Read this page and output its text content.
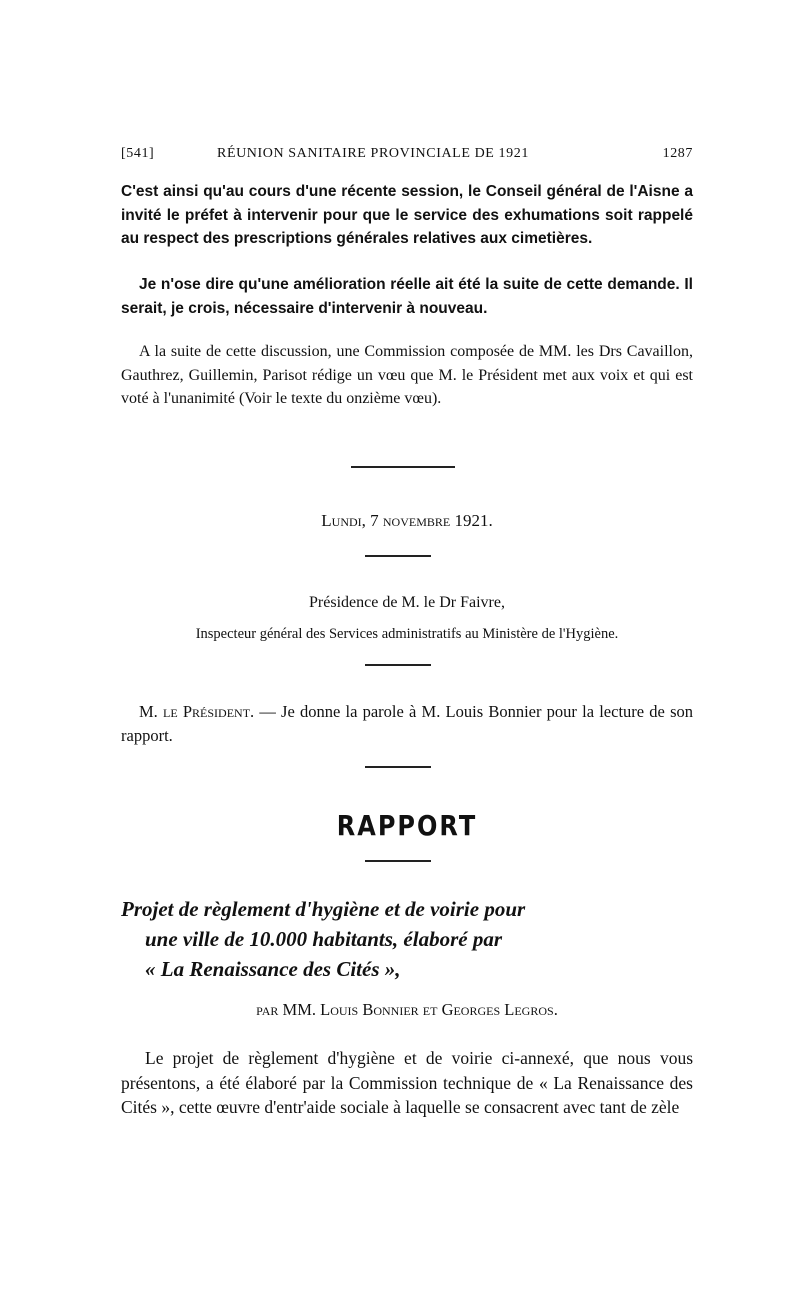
[541]	RÉUNION SANITAIRE PROVINCIALE DE 1921	1287

C'est ainsi qu'au cours d'une récente session, le Conseil général de l'Aisne a invité le préfet à intervenir pour que le service des exhumations soit rappelé au respect des prescriptions générales relatives aux cimetières.

Je n'ose dire qu'une amélioration réelle ait été la suite de cette demande. Il serait, je crois, nécessaire d'intervenir à nouveau.

A la suite de cette discussion, une Commission composée de MM. les Drs Cavaillon, Gauthrez, Guillemin, Parisot rédige un vœu que M. le Président met aux voix et qui est voté à l'unanimité (Voir le texte du onzième vœu).

Lundi, 7 novembre 1921.
Présidence de M. le Dr Faivre,
Inspecteur général des Services administratifs au Ministère de l'Hygiène.

M. le Président. — Je donne la parole à M. Louis Bonnier pour la lecture de son rapport.

RAPPORT
Projet de règlement d'hygiène et de voirie pour
une ville de 10.000 habitants, élaboré par
« La Renaissance des Cités »,
par MM. Louis Bonnier et Georges Legros.

Le projet de règlement d'hygiène et de voirie ci-annexé, que nous vous présentons, a été élaboré par la Commission technique de « La Renaissance des Cités », cette œuvre d'entr'aide sociale à laquelle se consacrent avec tant de zèle
